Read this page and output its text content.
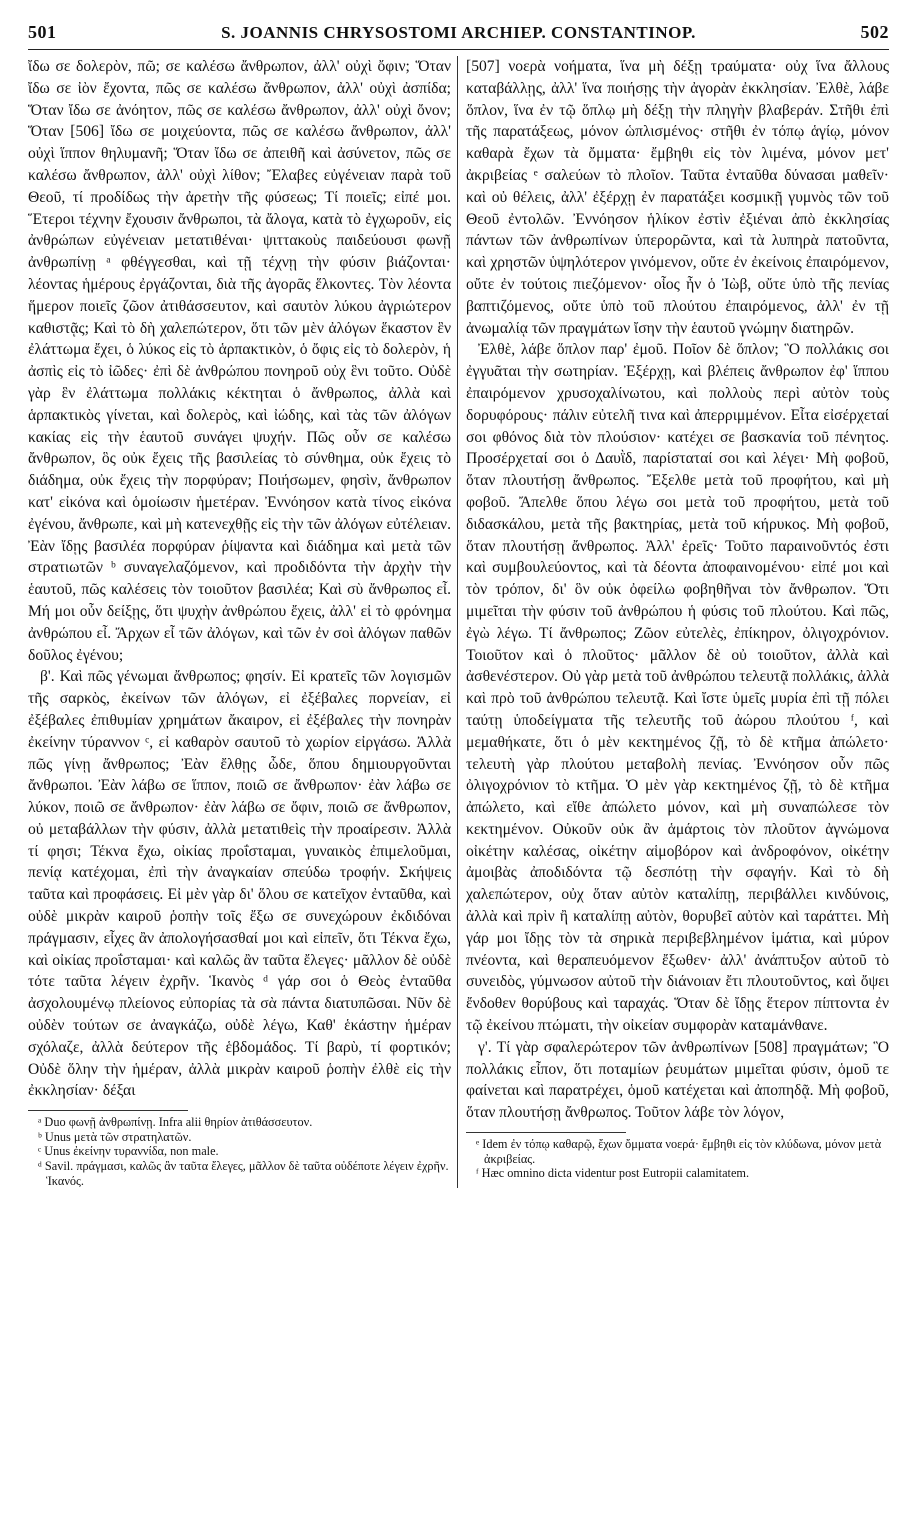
501	S. JOANNIS CHRYSOSTOMI ARCHIEP. CONSTANTINOP.	502

ἴδω σε δολερὸν, πῶ; σε καλέσω ἄνθρωπον, ἀλλ' οὐχὶ ὄφιν; Ὅταν ἴδω σε ἰὸν ἔχοντα, πῶς σε καλέσω ἄνθρωπον, ἀλλ' οὐχὶ ἀσπίδα; Ὅταν ἴδω σε ἀνόητον, πῶς σε καλέσω ἄνθρωπον, ἀλλ' οὐχὶ ὄνον; Ὅταν [506] ἴδω σε μοιχεύοντα, πῶς σε καλέσω ἄνθρωπον, ἀλλ' οὐχὶ ἵππον θηλυμανῆ; Ὅταν ἴδω σε ἀπειθῆ καὶ ἀσύνετον, πῶς σε καλέσω ἄνθρωπον, ἀλλ' οὐχὶ λίθον; Ἔλαβες εὐγένειαν παρὰ τοῦ Θεοῦ, τί προδίδως τὴν ἀρετὴν τῆς φύσεως; Τί ποιεῖς; εἰπέ μοι. Ἕτεροι τέχνην ἔχουσιν ἄνθρωποι, τὰ ἄλογα, κατὰ τὸ ἐγχωροῦν, εἰς ἀνθρώπων εὐγένειαν μετατιθέναι· ψιττακοὺς παιδεύουσι φωνῇ ἀνθρωπίνῃ ᵃ φθέγγεσθαι, καὶ τῇ τέχνῃ τὴν φύσιν βιάζονται· λέοντας ἡμέρους ἐργάζονται, διὰ τῆς ἀγορᾶς ἕλκοντες. Τὸν λέοντα ἥμερον ποιεῖς ζῶον ἀτιθάσσευτον, καὶ σαυτὸν λύκου ἀγριώτερον καθιστᾷς; Καὶ τὸ δὴ χαλεπώτερον, ὅτι τῶν μὲν ἀλόγων ἕκαστον ἓν ἐλάττωμα ἔχει, ὁ λύκος εἰς τὸ ἁρπακτικὸν, ὁ ὄφις εἰς τὸ δολερὸν, ἡ ἀσπὶς εἰς τὸ ἰῶδες· ἐπὶ δὲ ἀνθρώπου πονηροῦ οὐχ ἓνι τοῦτο. Οὐδὲ γὰρ ἓν ἐλάττωμα πολλάκις κέκτηται ὁ ἄνθρωπος, ἀλλὰ καὶ ἁρπακτικὸς γίνεται, καὶ δολερὸς, καὶ ἰώδης, καὶ τὰς τῶν ἀλόγων κακίας εἰς τὴν ἑαυτοῦ συνάγει ψυχήν. Πῶς οὖν σε καλέσω ἄνθρωπον, ὃς οὐκ ἔχεις τῆς βασιλείας τὸ σύνθημα, οὐκ ἔχεις τὸ διάδημα, οὐκ ἔχεις τὴν πορφύραν; Ποιήσωμεν, φησὶν, ἄνθρωπον κατ' εἰκόνα καὶ ὁμοίωσιν ἡμετέραν. Ἐννόησον κατὰ τίνος εἰκόνα ἐγένου, ἄνθρωπε, καὶ μὴ κατενεχθῇς εἰς τὴν τῶν ἀλόγων εὐτέλειαν. Ἐὰν ἴδῃς βασιλέα πορφύραν ῥίψαντα καὶ διάδημα καὶ μετὰ τῶν στρατιωτῶν ᵇ συναγελαζόμενον, καὶ προδιδόντα τὴν ἀρχὴν τὴν ἑαυτοῦ, πῶς καλέσεις τὸν τοιοῦτον βασιλέα; Καὶ σὺ ἄνθρωπος εἶ. Μή μοι οὖν δείξῃς, ὅτι ψυχὴν ἀνθρώπου ἔχεις, ἀλλ' εἰ τὸ φρόνημα ἀνθρώπου εἶ. Ἄρχων εἶ τῶν ἀλόγων, καὶ τῶν ἐν σοὶ ἀλόγων παθῶν δοῦλος ἐγένου;

β'. Καὶ πῶς γένωμαι ἄνθρωπος; φησίν. Εἰ κρατεῖς τῶν λογισμῶν τῆς σαρκὸς, ἐκείνων τῶν ἀλόγων, εἰ ἐξέβαλες πορνείαν, εἰ ἐξέβαλες ἐπιθυμίαν χρημάτων ἄκαιρον, εἰ ἐξέβαλες τὴν πονηρὰν ἐκείνην τύραννον ᶜ, εἰ καθαρὸν σαυτοῦ τὸ χωρίον εἰργάσω. Ἀλλὰ πῶς γίνῃ ἄνθρωπος; Ἐὰν ἔλθῃς ὧδε, ὅπου δημιουργοῦνται ἄνθρωποι. Ἐὰν λάβω σε ἵππον, ποιῶ σε ἄνθρωπον· ἐὰν λάβω σε λύκον, ποιῶ σε ἄνθρωπον· ἐὰν λάβω σε ὄφιν, ποιῶ σε ἄνθρωπον, οὐ μεταβάλλων τὴν φύσιν, ἀλλὰ μετατιθεὶς τὴν προαίρεσιν. Ἀλλὰ τί φησι; Τέκνα ἔχω, οἰκίας προΐσταμαι, γυναικὸς ἐπιμελοῦμαι, πενίᾳ κατέχομαι, ἐπὶ τὴν ἀναγκαίαν σπεύδω τροφήν. Σκήψεις ταῦτα καὶ προφάσεις. Εἰ μὲν γὰρ δι' ὅλου σε κατεῖχον ἐνταῦθα, καὶ οὐδὲ μικρὰν καιροῦ ῥοπὴν τοῖς ἔξω σε συνεχώρουν ἐκδιδόναι πράγμασιν, εἶχες ἂν ἀπολογήσασθαί μοι καὶ εἰπεῖν, ὅτι Τέκνα ἔχω, καὶ οἰκίας προΐσταμαι· καὶ καλῶς ἂν ταῦτα ἔλεγες· μᾶλλον δὲ οὐδὲ τότε ταῦτα λέγειν ἐχρῆν. Ἱκανὸς ᵈ γάρ σοι ὁ Θεὸς ἐνταῦθα ἀσχολουμένῳ πλείονος εὐπορίας τὰ σὰ πάντα διατυπῶσαι. Νῦν δὲ οὐδὲν τούτων σε ἀναγκάζω, οὐδὲ λέγω, Καθ' ἑκάστην ἡμέραν σχόλαζε, ἀλλὰ δεύτερον τῆς ἑβδομάδος. Τί βαρὺ, τί φορτικόν; Οὐδὲ ὅλην τὴν ἡμέραν, ἀλλὰ μικρὰν καιροῦ ῥοπὴν ἐλθὲ εἰς τὴν ἐκκλησίαν· δέξαι

ᵃ Duo φωνῇ ἀνθρωπίνῃ. Infra alii θηρίον ἀτιθάσσευτον.

ᵇ Unus μετὰ τῶν στρατηλατῶν.

ᶜ Unus ἐκείνην τυραννίδα, non male.

ᵈ Savil. πράγμασι, καλῶς ἂν ταῦτα ἔλεγες, μᾶλλον δὲ ταῦτα οὐδέποτε λέγειν ἐχρῆν. Ἱκανός.

[507] νοερὰ νοήματα, ἵνα μὴ δέξῃ τραύματα· οὐχ ἵνα ἄλλους καταβάλλῃς, ἀλλ' ἵνα ποιήσῃς τὴν ἀγορὰν ἐκκλησίαν. Ἐλθὲ, λάβε ὅπλον, ἵνα ἐν τῷ ὅπλῳ μὴ δέξῃ τὴν πληγὴν βλαβεράν. Στῆθι ἐπὶ τῆς παρατάξεως, μόνον ὡπλισμένος· στῆθι ἐν τόπῳ ἁγίῳ, μόνον καθαρὰ ἔχων τὰ ὄμματα· ἔμβηθι εἰς τὸν λιμένα, μόνον μετ' ἀκριβείας ᵉ σαλεύων τὸ πλοῖον. Ταῦτα ἐνταῦθα δύνασαι μαθεῖν· καὶ οὐ θέλεις, ἀλλ' ἐξέρχῃ ἐν παρατάξει κοσμικῇ γυμνὸς τῶν τοῦ Θεοῦ ἐντολῶν. Ἐννόησον ἡλίκον ἐστὶν ἐξιέναι ἀπὸ ἐκκλησίας πάντων τῶν ἀνθρωπίνων ὑπερορῶντα, καὶ τὰ λυπηρὰ πατοῦντα, καὶ χρηστῶν ὑψηλότερον γινόμενον, οὔτε ἐν ἐκείνοις ἐπαιρόμενον, οὔτε ἐν τούτοις πιεζόμενον· οἷος ἦν ὁ Ἰὼβ, οὔτε ὑπὸ τῆς πενίας βαπτιζόμενος, οὔτε ὑπὸ τοῦ πλούτου ἐπαιρόμενος, ἀλλ' ἐν τῇ ἀνωμαλίᾳ τῶν πραγμάτων ἴσην τὴν ἑαυτοῦ γνώμην διατηρῶν.

Ἐλθὲ, λάβε ὅπλον παρ' ἐμοῦ. Ποῖον δὲ ὅπλον; Ὃ πολλάκις σοι ἐγγυᾶται τὴν σωτηρίαν. Ἐξέρχῃ, καὶ βλέπεις ἄνθρωπον ἐφ' ἵππου ἐπαιρόμενον χρυσοχαλίνωτου, καὶ πολλοὺς περὶ αὐτὸν τοὺς δορυφόρους· πάλιν εὐτελῆ τινα καὶ ἀπερριμμένον. Εἶτα εἰσέρχεταί σοι φθόνος διὰ τὸν πλούσιον· κατέχει σε βασκανία τοῦ πένητος. Προσέρχεταί σοι ὁ Δαυῒδ, παρίσταταί σοι καὶ λέγει· Μὴ φοβοῦ, ὅταν πλουτήσῃ ἄνθρωπος. Ἔξελθε μετὰ τοῦ προφήτου, καὶ μὴ φοβοῦ. Ἄπελθε ὅπου λέγω σοι μετὰ τοῦ προφήτου, μετὰ τοῦ διδασκάλου, μετὰ τῆς βακτηρίας, μετὰ τοῦ κήρυκος. Μὴ φοβοῦ, ὅταν πλουτήσῃ ἄνθρωπος. Ἀλλ' ἐρεῖς· Τοῦτο παραινοῦντός ἐστι καὶ συμβουλεύοντος, καὶ τὰ δέοντα ἀποφαινομένου· εἰπέ μοι καὶ τὸν τρόπον, δι' ὃν οὐκ ὀφείλω φοβηθῆναι τὸν ἄνθρωπον. Ὅτι μιμεῖται τὴν φύσιν τοῦ ἀνθρώπου ἡ φύσις τοῦ πλούτου. Καὶ πῶς, ἐγὼ λέγω. Τί ἄνθρωπος; Ζῶον εὐτελὲς, ἐπίκηρον, ὀλιγοχρόνιον. Τοιοῦτον καὶ ὁ πλοῦτος· μᾶλλον δὲ οὐ τοιοῦτον, ἀλλὰ καὶ ἀσθενέστερον. Οὐ γὰρ μετὰ τοῦ ἀνθρώπου τελευτᾷ πολλάκις, ἀλλὰ καὶ πρὸ τοῦ ἀνθρώπου τελευτᾷ. Καὶ ἴστε ὑμεῖς μυρία ἐπὶ τῇ πόλει ταύτῃ ὑποδείγματα τῆς τελευτῆς τοῦ ἀώρου πλούτου ᶠ, καὶ μεμαθήκατε, ὅτι ὁ μὲν κεκτημένος ζῇ, τὸ δὲ κτῆμα ἀπώλετο· τελευτὴ γὰρ πλούτου μεταβολὴ πενίας. Ἐννόησον οὖν πῶς ὀλιγοχρόνιον τὸ κτῆμα. Ὁ μὲν γὰρ κεκτημένος ζῇ, τὸ δὲ κτῆμα ἀπώλετο, καὶ εἴθε ἀπώλετο μόνον, καὶ μὴ συναπώλεσε τὸν κεκτημένον. Οὐκοῦν οὐκ ἂν ἁμάρτοις τὸν πλοῦτον ἀγνώμονα οἰκέτην καλέσας, οἰκέτην αἱμοβόρον καὶ ἀνδροφόνον, οἰκέτην ἀμοιβὰς ἀποδιδόντα τῷ δεσπότῃ τὴν σφαγήν. Καὶ τὸ δὴ χαλεπώτερον, οὐχ ὅταν αὐτὸν καταλίπῃ, περιβάλλει κινδύνοις, ἀλλὰ καὶ πρὶν ἢ καταλίπῃ αὐτὸν, θορυβεῖ αὐτὸν καὶ ταράττει. Μὴ γάρ μοι ἴδῃς τὸν τὰ σηρικὰ περιβεβλημένον ἱμάτια, καὶ μύρον πνέοντα, καὶ θεραπευόμενον ἔξωθεν· ἀλλ' ἀνάπτυξον αὐτοῦ τὸ συνειδὸς, γύμνωσον αὐτοῦ τὴν διάνοιαν ἔτι πλουτοῦντος, καὶ ὄψει ἔνδοθεν θορύβους καὶ ταραχάς. Ὅταν δὲ ἴδῃς ἕτερον πίπτοντα ἐν τῷ ἐκείνου πτώματι, τὴν οἰκείαν συμφορὰν καταμάνθανε.

γ'. Τί γὰρ σφαλερώτερον τῶν ἀνθρωπίνων [508] πραγμάτων; Ὃ πολλάκις εἶπον, ὅτι ποταμίων ῥευμάτων μιμεῖται φύσιν, ὁμοῦ τε φαίνεται καὶ παρατρέχει, ὁμοῦ κατέχεται καὶ ἀποπηδᾷ. Μὴ φοβοῦ, ὅταν πλουτήσῃ ἄνθρωπος. Τοῦτον λάβε τὸν λόγον,

ᵉ Idem ἐν τόπῳ καθαρῷ, ἔχων ὄμματα νοερά· ἔμβηθι εἰς τὸν κλύδωνα, μόνον μετὰ ἀκριβείας.

ᶠ Hæc omnino dicta videntur post Eutropii calamitatem.
